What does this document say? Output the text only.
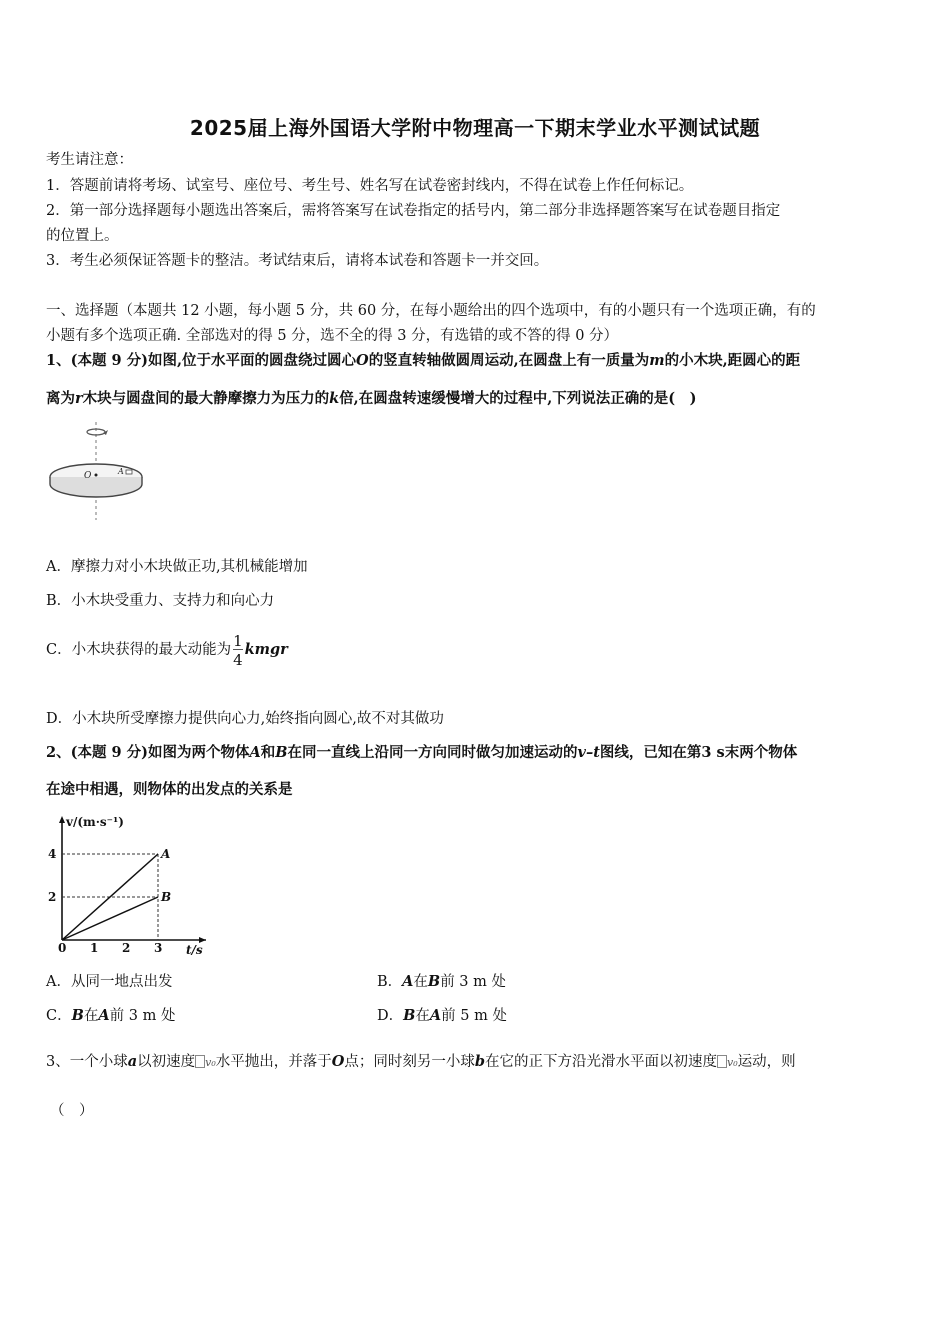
2025届上海外国语大学附中物理高一下期末学业水平测试试题
考生请注意：
1．答题前请将考场、试室号、座位号、考生号、姓名写在试卷密封线内，不得在试卷上作任何标记。
2．第一部分选择题每小题选出答案后，需将答案写在试卷指定的括号内，第二部分非选择题答案写在试卷题目指定
的位置上。
3．考生必须保证答题卡的整洁。考试结束后，请将本试卷和答题卡一并交回。
一、选择题（本题共 12 小题，每小题 5 分，共 60 分，在每小题给出的四个选项中，有的小题只有一个选项正确，有的
小题有多个选项正确. 全部选对的得 5 分，选不全的得 3 分，有选错的或不答的得 0 分）
1、(本题 9 分)如图,位于水平面的圆盘绕过圆心O的竖直转轴做圆周运动,在圆盘上有一质量为m的小木块,距圆心的距
离为r木块与圆盘间的最大静摩擦力为压力的k倍,在圆盘转速缓慢增大的过程中,下列说法正确的是(　)
O	A
A．摩擦力对小木块做正功,其机械能增加
B．小木块受重力、支持力和向心力
C．小木块获得的最大动能为 $\frac{1}{4}$ kmgr
D．小木块所受摩擦力提供向心力,始终指向圆心,故不对其做功
2、(本题 9 分)如图为两个物体A和B在同一直线上沿同一方向同时做匀加速运动的v–t图线，已知在第3 s末两个物体
在途中相遇，则物体的出发点的关系是
v/(m·s⁻¹)
t/s
0 1 2 3
2
4	A
B
A．从同一地点出发	B．A在B前 3 m 处
C．B在A前 3 m 处	D．B在A前 5 m 处
3、一个小球a以初速度 v₀水平抛出，并落于O点；同时刻另一小球b在它的正下方沿光滑水平面以初速度 v₀运动，则
（　）
